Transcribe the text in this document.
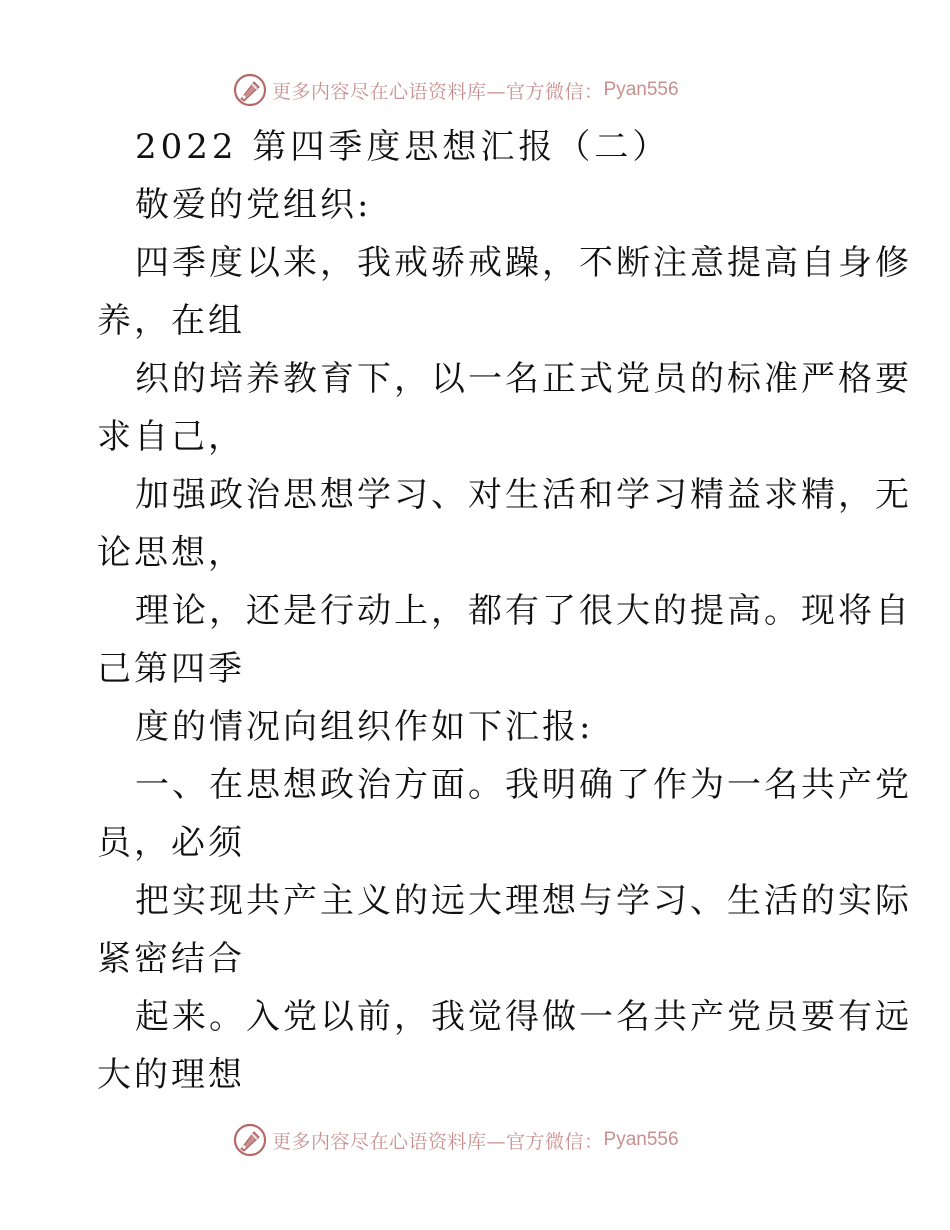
更多内容尽在心语资料库—官方微信： Pyan556
2022 第四季度思想汇报（二）
敬爱的党组织:
四季度以来，我戒骄戒躁，不断注意提高自身修
养，在组
织的培养教育下，以一名正式党员的标准严格要
求自己，
加强政治思想学习、对生活和学习精益求精，无
论思想，
理论，还是行动上，都有了很大的提高。现将自
己第四季
度的情况向组织作如下汇报:
一、在思想政治方面。我明确了作为一名共产党
员，必须
把实现共产主义的远大理想与学习、生活的实际
紧密结合
起来。入党以前，我觉得做一名共产党员要有远
大的理想
更多内容尽在心语资料库—官方微信： Pyan556
